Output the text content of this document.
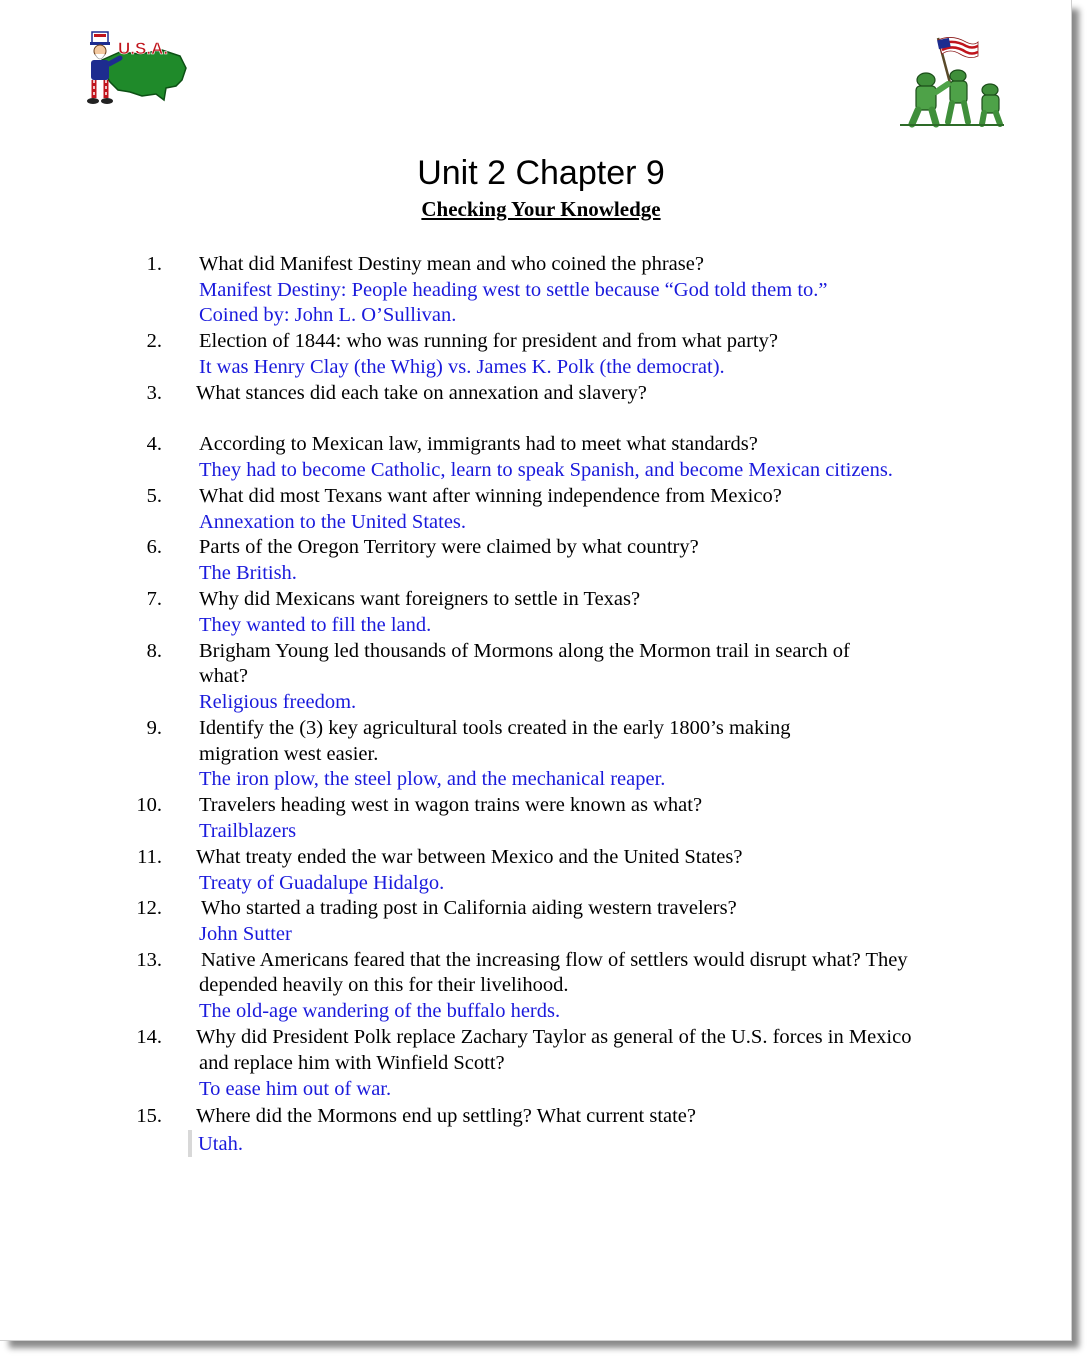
U.S.A.
Unit 2 Chapter 9
Checking Your Knowledge
1. What did Manifest Destiny mean and who coined the phrase?
Manifest Destiny: People heading west to settle because “God told them to.”
Coined by: John L. O’Sullivan.
2. Election of 1844: who was running for president and from what party?
It was Henry Clay (the Whig) vs. James K. Polk (the democrat).
3. What stances did each take on annexation and slavery?
4. According to Mexican law, immigrants had to meet what standards?
They had to become Catholic, learn to speak Spanish, and become Mexican citizens.
5. What did most Texans want after winning independence from Mexico?
Annexation to the United States.
6. Parts of the Oregon Territory were claimed by what country?
The British.
7. Why did Mexicans want foreigners to settle in Texas?
They wanted to fill the land.
8. Brigham Young led thousands of Mormons along the Mormon trail in search of
what?
Religious freedom.
9. Identify the (3) key agricultural tools created in the early 1800’s making
migration west easier.
The iron plow, the steel plow, and the mechanical reaper.
10. Travelers heading west in wagon trains were known as what?
Trailblazers
11. What treaty ended the war between Mexico and the United States?
Treaty of Guadalupe Hidalgo.
12. Who started a trading post in California aiding western travelers?
John Sutter
13. Native Americans feared that the increasing flow of settlers would disrupt what? They
depended heavily on this for their livelihood.
The old-age wandering of the buffalo herds.
14. Why did President Polk replace Zachary Taylor as general of the U.S. forces in Mexico
and replace him with Winfield Scott?
To ease him out of war.
15. Where did the Mormons end up settling? What current state?
Utah.
